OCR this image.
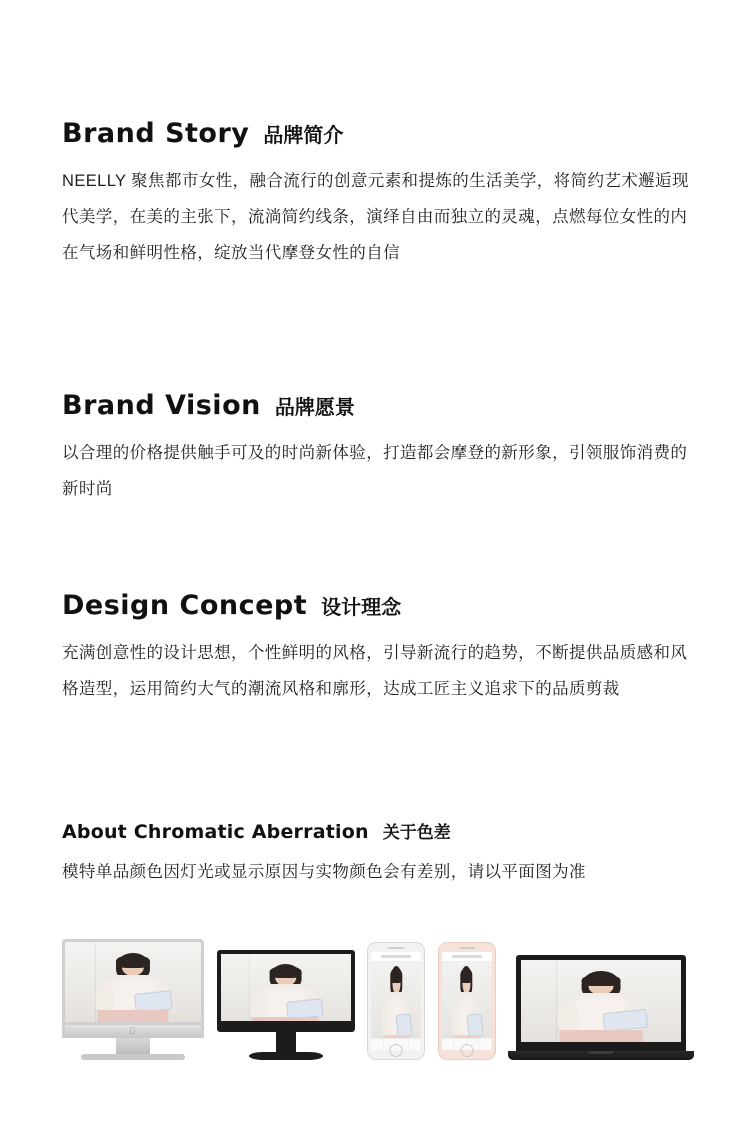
Brand Story 品牌简介

NEELLY 聚焦都市女性，融合流行的创意元素和提炼的生活美学，将简约艺术邂逅现代美学，在美的主张下，流淌简约线条，演绎自由而独立的灵魂，点燃每位女性的内在气场和鲜明性格，绽放当代摩登女性的自信

Brand Vision 品牌愿景

以合理的价格提供触手可及的时尚新体验，打造都会摩登的新形象，引领服饰消费的新时尚

Design Concept 设计理念

充满创意性的设计思想，个性鲜明的风格，引导新流行的趋势，不断提供品质感和风格造型，运用简约大气的潮流风格和廓形，达成工匠主义追求下的品质剪裁

About Chromatic Aberration 关于色差

模特单品颜色因灯光或显示原因与实物颜色会有差别，请以平面图为准
